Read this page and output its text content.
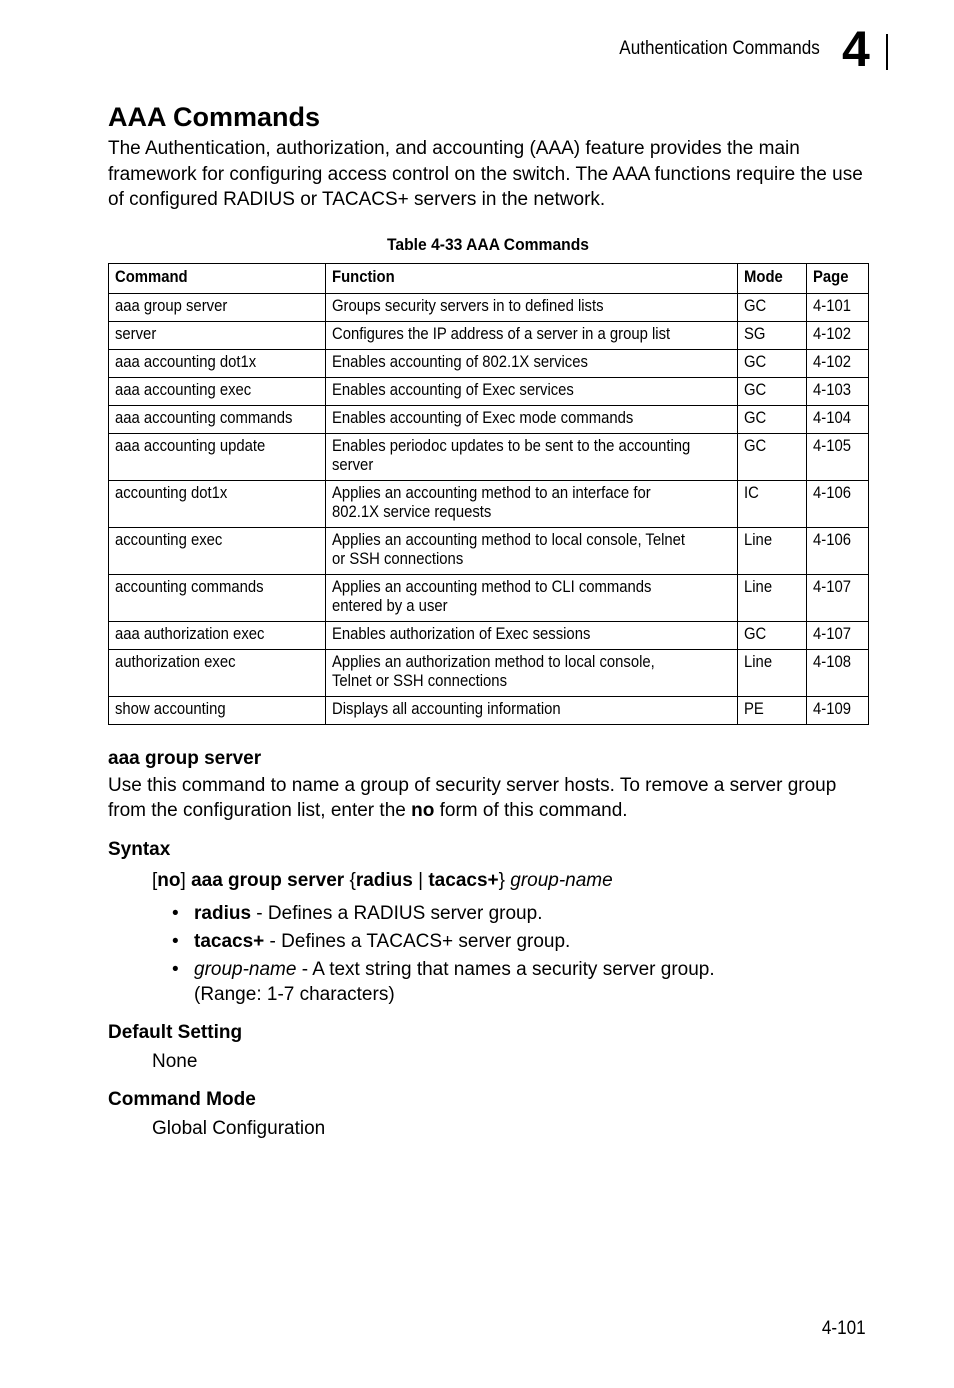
Authentication Commands 4
AAA Commands

The Authentication, authorization, and accounting (AAA) feature provides the main framework for configuring access control on the switch. The AAA functions require the use of configured RADIUS or TACACS+ servers in the network.

Table 4-33 AAA Commands
Command	Function	Mode	Page
aaa group server	Groups security servers in to defined lists	GC	4-101
server	Configures the IP address of a server in a group list	SG	4-102
aaa accounting dot1x	Enables accounting of 802.1X services	GC	4-102
aaa accounting exec	Enables accounting of Exec services	GC	4-103
aaa accounting commands	Enables accounting of Exec mode commands	GC	4-104
aaa accounting update	Enables periodoc updates to be sent to the accounting server	GC	4-105
accounting dot1x	Applies an accounting method to an interface for 802.1X service requests	IC	4-106
accounting exec	Applies an accounting method to local console, Telnet or SSH connections	Line	4-106
accounting commands	Applies an accounting method to CLI commands entered by a user	Line	4-107
aaa authorization exec	Enables authorization of Exec sessions	GC	4-107
authorization exec	Applies an authorization method to local console, Telnet or SSH connections	Line	4-108
show accounting	Displays all accounting information	PE	4-109
aaa group server

Use this command to name a group of security server hosts. To remove a server group from the configuration list, enter the no form of this command.

Syntax
[no] aaa group server {radius | tacacs+} group-name
• radius - Defines a RADIUS server group.
• tacacs+ - Defines a TACACS+ server group.
• group-name - A text string that names a security server group.
(Range: 1-7 characters)
Default Setting
None
Command Mode
Global Configuration
4-101
